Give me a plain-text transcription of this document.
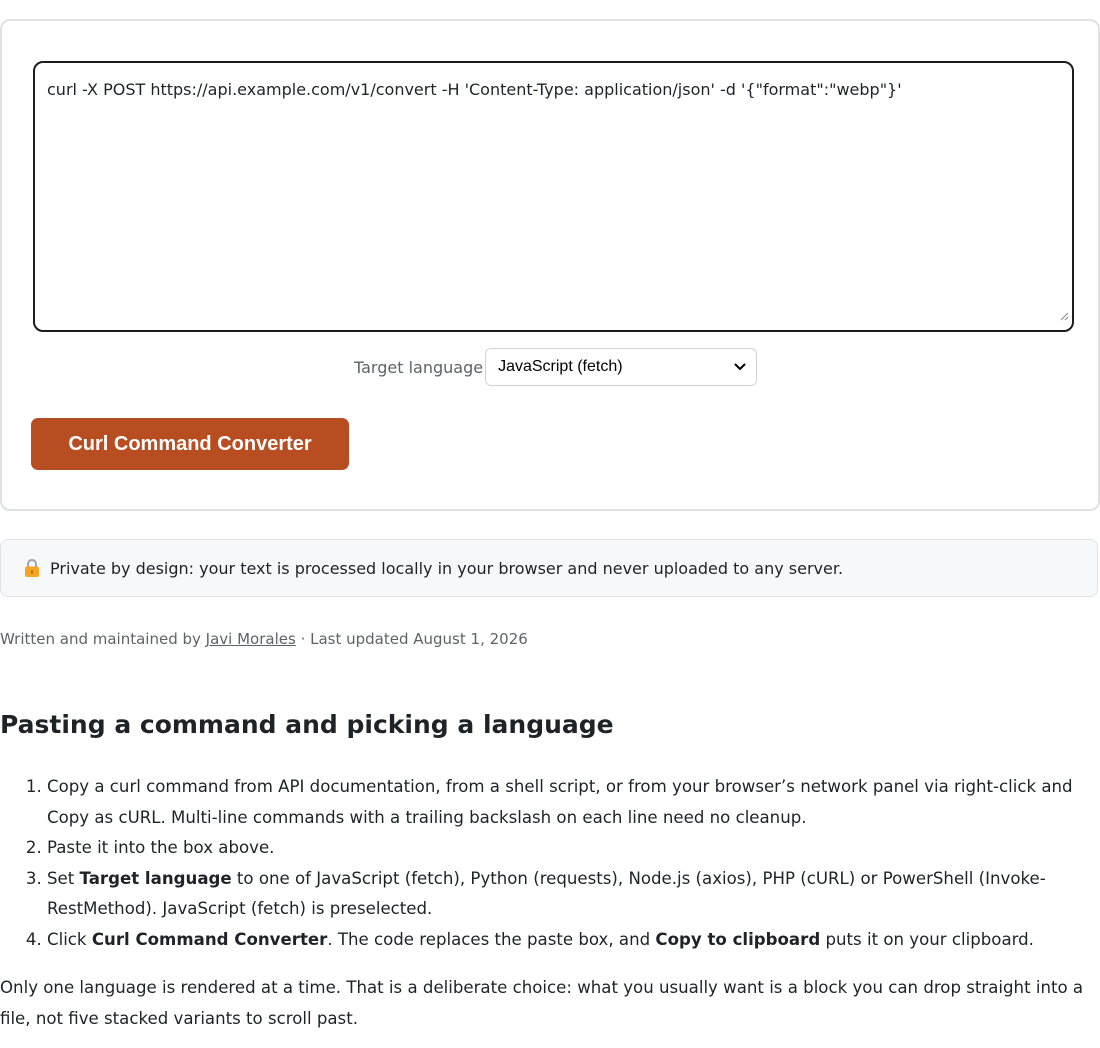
curl -X POST https://api.example.com/v1/convert -H 'Content-Type: application/json' -d '{"format":"webp"}'
Target language JavaScript (fetch)
Curl Command Converter
Private by design: your text is processed locally in your browser and never uploaded to any server.
Written and maintained by Javi Morales · Last updated August 1, 2026
Pasting a command and picking a language
1. Copy a curl command from API documentation, from a shell script, or from your browser’s network panel via right-click and Copy as cURL. Multi-line commands with a trailing backslash on each line need no cleanup.
2. Paste it into the box above.
3. Set Target language to one of JavaScript (fetch), Python (requests), Node.js (axios), PHP (cURL) or PowerShell (Invoke-RestMethod). JavaScript (fetch) is preselected.
4. Click Curl Command Converter. The code replaces the paste box, and Copy to clipboard puts it on your clipboard.

Only one language is rendered at a time. That is a deliberate choice: what you usually want is a block you can drop straight into a file, not five stacked variants to scroll past.
